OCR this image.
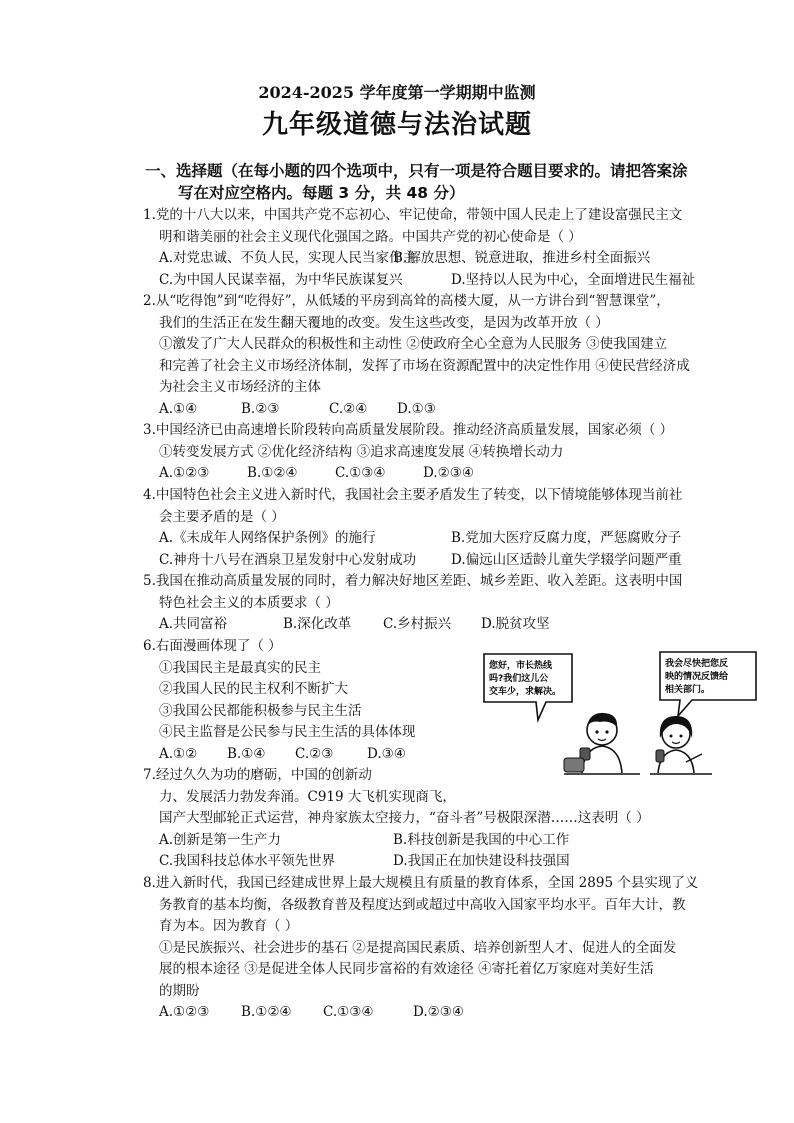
2024-2025 学年度第一学期期中监测
九年级道德与法治试题
一、选择题（在每小题的四个选项中，只有一项是符合题目要求的。请把答案涂
写在对应空格内。每题 3 分，共 48 分）
1.党的十八大以来，中国共产党不忘初心、牢记使命，带领中国人民走上了建设富强民主文
明和谐美丽的社会主义现代化强国之路。中国共产党的初心使命是（ ）
A.对党忠诚、不负人民，实现人民当家作主
B.解放思想、锐意进取，推进乡村全面振兴
C.为中国人民谋幸福，为中华民族谋复兴	D.坚持以人民为中心，全面增进民生福祉
2.从“吃得饱”到“吃得好”，从低矮的平房到高耸的高楼大厦，从一方讲台到“智慧课堂”，
我们的生活正在发生翻天覆地的改变。发生这些改变，是因为改革开放（ ）
①激发了广大人民群众的积极性和主动性 ②使政府全心全意为人民服务 ③使我国建立
和完善了社会主义市场经济体制，发挥了市场在资源配置中的决定性作用 ④使民营经济成
为社会主义市场经济的主体
A.①④	B.②③	C.②④	D.①③
3.中国经济已由高速增长阶段转向高质量发展阶段。推动经济高质量发展，国家必须（ ）
①转变发展方式 ②优化经济结构 ③追求高速度发展 ④转换增长动力
A.①②③	B.①②④	C.①③④	D.②③④
4.中国特色社会主义进入新时代，我国社会主要矛盾发生了转变，以下情境能够体现当前社
会主要矛盾的是（ ）
A.《未成年人网络保护条例》的施行	B.党加大医疗反腐力度，严惩腐败分子
C.神舟十八号在酒泉卫星发射中心发射成功	D.偏远山区适龄儿童失学辍学问题严重
5.我国在推动高质量发展的同时，着力解决好地区差距、城乡差距、收入差距。这表明中国
特色社会主义的本质要求（ ）
A.共同富裕	B.深化改革	C.乡村振兴	D.脱贫攻坚
6.右面漫画体现了（ ）
①我国民主是最真实的民主
②我国人民的民主权利不断扩大
③我国公民都能积极参与民主生活
④民主监督是公民参与民主生活的具体体现
A.①②	B.①④	C.②③	D.③④
您好，市长热线
吗?我们这儿公
交车少，求解决。
我会尽快把您反
映的情况反馈给
相关部门。
7.经过久久为功的磨砺，中国的创新动
力、发展活力勃发奔涌。C919 大飞机实现商飞，
国产大型邮轮正式运营，神舟家族太空接力，“奋斗者”号极限深潜……这表明（ ）
A.创新是第一生产力	B.科技创新是我国的中心工作
C.我国科技总体水平领先世界	D.我国正在加快建设科技强国
8.进入新时代，我国已经建成世界上最大规模且有质量的教育体系，全国 2895 个县实现了义
务教育的基本均衡，各级教育普及程度达到或超过中高收入国家平均水平。百年大计，教
育为本。因为教育（ ）
①是民族振兴、社会进步的基石 ②是提高国民素质、培养创新型人才、促进人的全面发
展的根本途径 ③是促进全体人民同步富裕的有效途径 ④寄托着亿万家庭对美好生活
的期盼
A.①②③	B.①②④	C.①③④	D.②③④
